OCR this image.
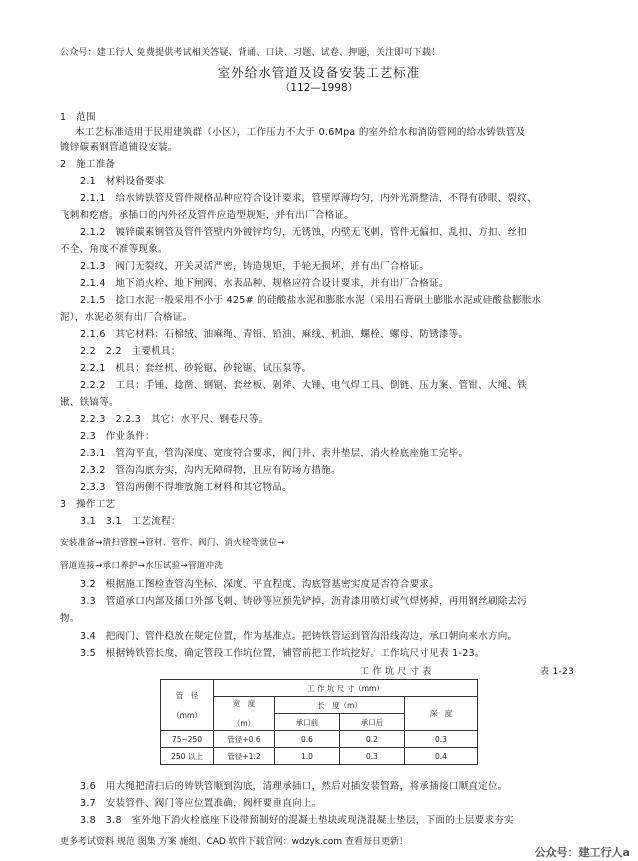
公众号：建工行人 免费提供考试相关答疑、背诵、口诀、习题、试卷、押题，关注即可下载！
室外给水管道及设备安装工艺标准
（112—1998）
1　范围
本工艺标准适用于民用建筑群（小区），工作压力不大于 0.6Mpa 的室外给水和消防管网的给水铸铁管及
镀锌碳素钢管道铺设安装。
2　施工准备
2.1　材料设备要求
2.1.1　给水铸铁管及管件规格品种应符合设计要求，管壁厚薄均匀，内外光滑整洁，不得有砂眼、裂纹、
飞刺和疙瘩。承插口的内外径及管件应造型规矩，并有出厂合格证。
2.1.2　镀锌碳素钢管及管件管壁内外镀锌均匀，无锈蚀，内壁无飞刺，管件无偏扣、乱扣、方扣、丝扣
不全、角度不准等现象。
2.1.3　阀门无裂纹，开关灵活严密，铸造规矩，手轮无损坏，并有出厂合格证。
2.1.4　地下消火栓、地下闸阀、水表品种、规格应符合设计要求，并有出厂合格证。
2.1.5　捻口水泥一般采用不小于 425# 的硅酸盐水泥和膨胀水泥（采用石膏矾土膨胀水泥或硅酸盐膨胀水
泥），水泥必须有出厂合格证。
2.1.6　其它材料：石棉绒、油麻绳、青铅、铅油、麻线、机油、螺栓、螺母、防锈漆等。
2.2　2.2　主要机具：
2.2.1　机具：套丝机、砂轮锯、砂轮锯、试压泵等。
2.2.2　工具：手锤、捻凿、钢锯、套丝板、剁斧、大锤、电气焊工具、倒链、压力案、管钳、大绳、铁
锹、铁镐等。
2.2.3　2.2.3　其它：水平尺、钢卷尺等。
2.3　作业条件：
2.3.1　管沟平直，管沟深度、宽度符合要求，阀门井、表井垫层，消火栓底座施工完毕。
2.3.2　管沟沟底夯实，沟内无障碍物，且应有防场方措施。
2.3.3　管沟两侧不得堆放施工材料和其它物品。
3　操作工艺
3.1　3.1　工艺流程：
安装准备→清扫管膛→管材、管件、阀门、消火栓等就位→
管道连接→承口养护→水压试验→管道冲洗
3.2　根据施工图检查管沟坐标、深度、平直程度、沟底管基密实度是否符合要求。
3.3　管道承口内部及插口外部飞刺、铸砂等应预先铲掉，沥青漆用喷灯或气焊烤掉，再用钢丝刷除去污
物。
3.4　把阀门、管件稳放在规定位置，作为基准点。把铸铁管运到管沟沿线沟边，承口朝向来水方向。
3.5　根据铸铁管长度，确定管段工作坑位置，铺管前把工作坑挖好。工作坑尺寸见表 1-23。
工 作 坑 尺 寸 表	表 1-23
管　径

（mm）	工 作 坑 尺 寸（mm）			
	宽　度

（m）	长　度（m）		深　度
		承口前	承口后	
75~250	管径+0.6	0.6	0.2	0.3
250 以上	管径+1.2	1.0	0.3	0.4
3.6　用大绳把清扫后的铸铁管顺到沟底，清理承插口，然后对插安装管路，将承插接口顺直定位。
3.7　安装管件、阀门等应位置准确，阀杆要垂直向上。
3.8　3.8　室外地下消火栓底座下设带预制好的混凝土垫块或现浇混凝土垫层，下面的土层要求夯实
更多考试资料 规范 图集 方案 施组、CAD 软件下载官网：wdzyk.com 查看每日更新！
公众号：建工行人a
